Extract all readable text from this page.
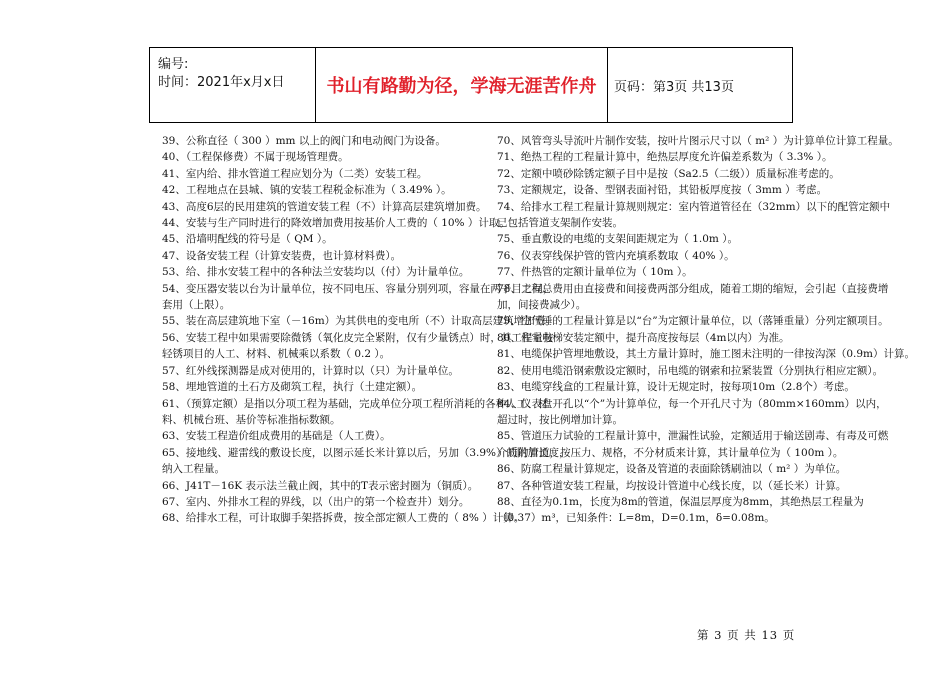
编号:
时间：2021年x月x日	书山有路勤为径，学海无涯苦作舟	页码：第3页 共13页
39、公称直径（ 300 ）mm 以上的阀门和电动阀门为设备。
40、（工程保修费）不属于现场管理费。
41、室内给、排水管道工程应划分为（二类）安装工程。
42、工程地点在县城、镇的安装工程税金标准为（ 3.49% ）。
43、高度6层的民用建筑的管道安装工程（不）计算高层建筑增加费。
44、安装与生产同时进行的降效增加费用按基价人工费的（ 10% ）计取。
45、沿墙明配线的符号是（ QM ）。
47、设备安装工程（计算安装费，也计算材料费）。
53、给、排水安装工程中的各种法兰安装均以（付）为计量单位。
54、变压器安装以台为计量单位，按不同电压、容量分别列项，容量在两子目之间，
套用（上限）。
55、装在高层建筑地下室（－16m）为其供电的变电所（不）计取高层建筑增加费。
56、安装工程中如果需要除微锈（氧化皮完全紧附，仅有少量锈点）时，其工程量按
轻锈项目的人工、材料、机械乘以系数（ 0.2 ）。
57、红外线探测器是成对使用的，计算时以（只）为计量单位。
58、埋地管道的土石方及砌筑工程，执行（土建定额）。
61、（预算定额）是指以分项工程为基础，完成单位分项工程所消耗的各种人工、材
料、机械台班、基价等标准指标数额。
63、安装工程造价组成费用的基础是（人工费）。
65、接地线、避雷线的敷设长度，以图示延长米计算以后，另加（3.9%）的附加长度，
纳入工程量。
66、J41T－16K 表示法兰截止阀，其中的T表示密封圈为（铜质）。
67、室内、外排水工程的界线，以（出户的第一个检查井）划分。
68、给排水工程，可计取脚手架搭拆费，按全部定额人工费的（ 8% ）计算。
70、风管弯头导流叶片制作安装，按叶片图示尺寸以（ m² ）为计算单位计算工程量。
71、绝热工程的工程量计算中，绝热层厚度允许偏差系数为（ 3.3% ）。
72、定额中喷砂除锈定额子目中是按（Sa2.5（二级））质量标准考虑的。
73、定额规定，设备、型钢表面衬铅，其铅板厚度按（ 3mm ）考虑。
74、给排水工程工程量计算规则规定：室内管道管径在（32mm）以下的配管定额中
已包括管道支架制作安装。
75、垂直敷设的电缆的支架间距规定为（ 1.0m ）。
76、仪表穿线保护管的管内充填系数取（ 40% ）。
77、件热管的定额计量单位为（ 10m ）。
78、工程总费用由直接费和间接费两部分组成，随着工期的缩短，会引起（直接费增
加，间接费减少）。
79、空气锤的工程量计算是以“台”为定额计量单位，以（落锤重量）分列定额项目。
80、住宅电梯安装定额中，提升高度按每层（4m以内）为准。
81、电缆保护管埋地敷设，其土方量计算时，施工图未注明的一律按沟深（0.9m）计算。
82、使用电缆沿钢索敷设定额时，吊电缆的钢索和拉紧装置（分别执行相应定额）。
83、电缆穿线盒的工程量计算，设计无规定时，按每项10m（2.8个）考虑。
84、仪表盘开孔以“个”为计算单位，每一个开孔尺寸为（80mm×160mm）以内，
超过时，按比例增加计算。
85、管道压力试验的工程量计算中，泄漏性试验，定额适用于输送剧毒、有毒及可燃
介质的管道，按压力、规格，不分材质来计算，其计量单位为（ 100m ）。
86、防腐工程量计算规定，设备及管道的表面除锈刷油以（ m² ）为单位。
87、各种管道安装工程量，均按设计管道中心线长度，以（延长米）计算。
88、直径为0.1m，长度为8m的管道，保温层厚度为8mm，其绝热层工程量为
（0.37）m³，已知条件：L=8m，D=0.1m，δ=0.08m。
第 3 页 共 13 页
